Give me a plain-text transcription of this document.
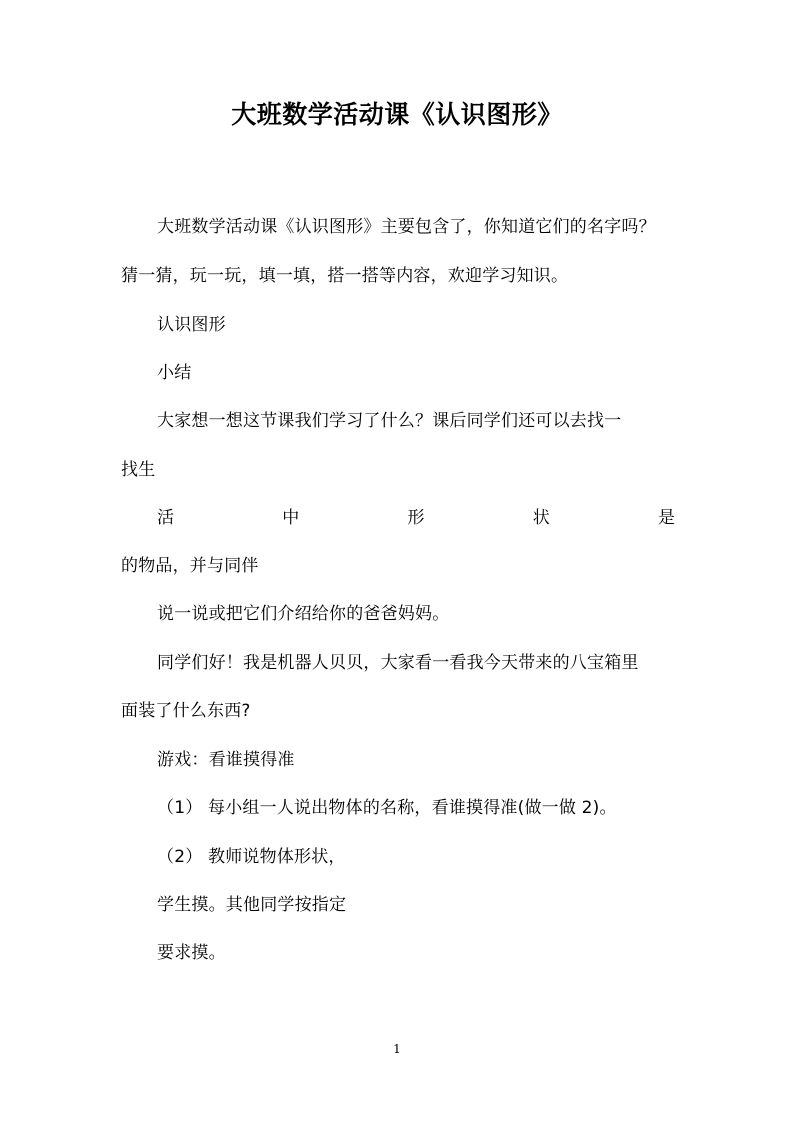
大班数学活动课《认识图形》
大班数学活动课《认识图形》主要包含了，你知道它们的名字吗？
猜一猜，玩一玩，填一填，搭一搭等内容，欢迎学习知识。
认识图形
小结
大家想一想这节课我们学习了什么？课后同学们还可以去找一
找生
活	中	形	状	是
的物品，并与同伴
说一说或把它们介绍给你的爸爸妈妈。
同学们好！我是机器人贝贝，大家看一看我今天带来的八宝箱里
面装了什么东西?
游戏：看谁摸得准
（1） 每小组一人说出物体的名称，看谁摸得准(做一做 2)。
（2） 教师说物体形状，
学生摸。其他同学按指定
要求摸。
1
